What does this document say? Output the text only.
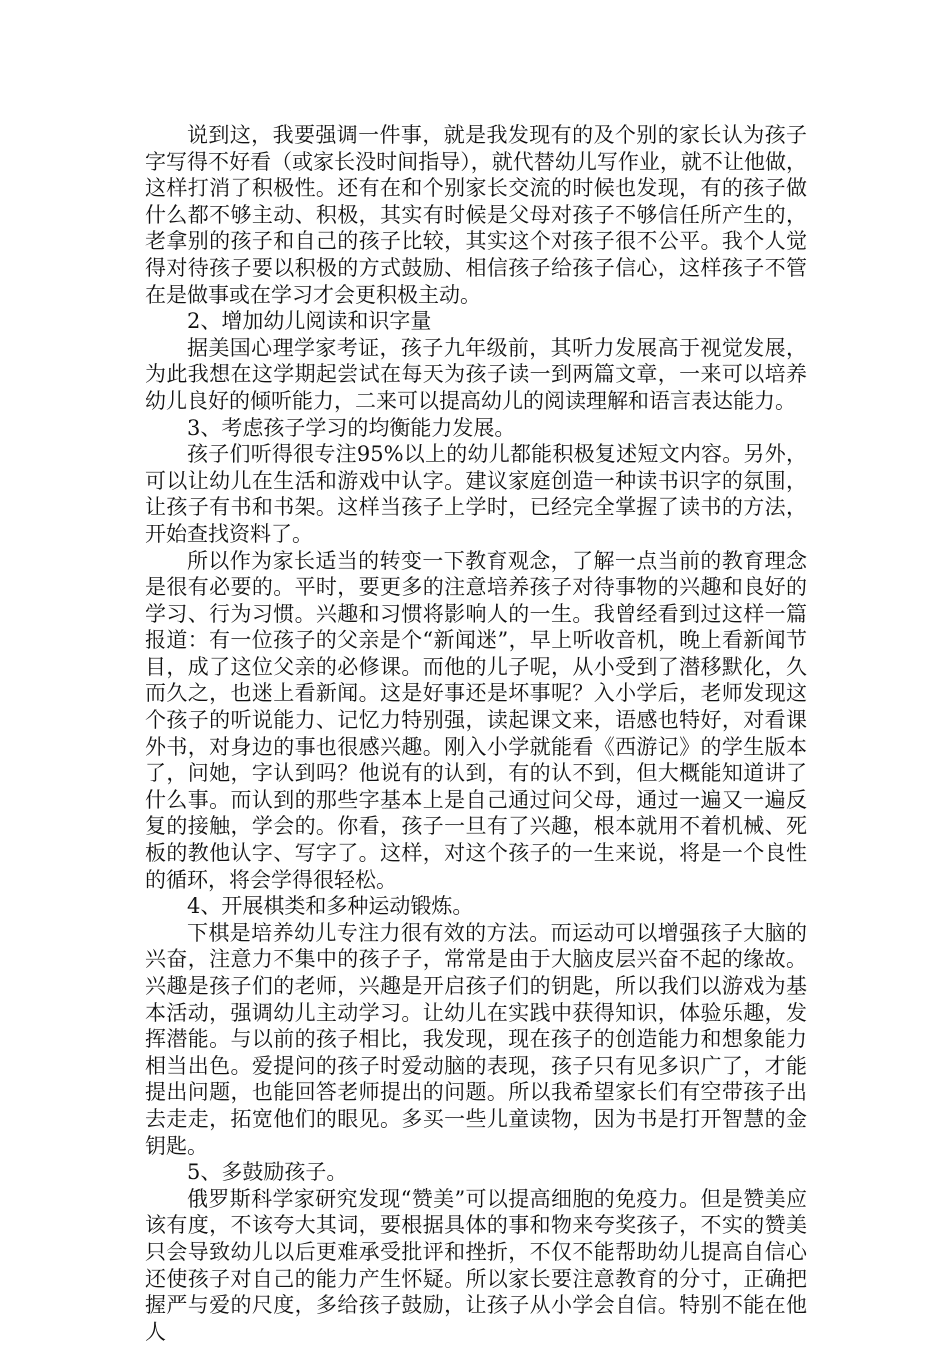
说到这，我要强调一件事，就是我发现有的及个别的家长认为孩子字写得不好看（或家长没时间指导），就代替幼儿写作业，就不让他做，这样打消了积极性。还有在和个别家长交流的时候也发现，有的孩子做什么都不够主动、积极，其实有时候是父母对孩子不够信任所产生的，老拿别的孩子和自己的孩子比较，其实这个对孩子很不公平。我个人觉得对待孩子要以积极的方式鼓励、相信孩子给孩子信心，这样孩子不管在是做事或在学习才会更积极主动。

2、增加幼儿阅读和识字量

据美国心理学家考证，孩子九年级前，其听力发展高于视觉发展，为此我想在这学期起尝试在每天为孩子读一到两篇文章，一来可以培养幼儿良好的倾听能力，二来可以提高幼儿的阅读理解和语言表达能力。

3、考虑孩子学习的均衡能力发展。

孩子们听得很专注95%以上的幼儿都能积极复述短文内容。另外，可以让幼儿在生活和游戏中认字。建议家庭创造一种读书识字的氛围，让孩子有书和书架。这样当孩子上学时，已经完全掌握了读书的方法，开始查找资料了。

所以作为家长适当的转变一下教育观念，了解一点当前的教育理念是很有必要的。平时，要更多的注意培养孩子对待事物的兴趣和良好的学习、行为习惯。兴趣和习惯将影响人的一生。我曾经看到过这样一篇报道：有一位孩子的父亲是个“新闻迷”，早上听收音机，晚上看新闻节目，成了这位父亲的必修课。而他的儿子呢，从小受到了潜移默化，久而久之，也迷上看新闻。这是好事还是坏事呢？入小学后，老师发现这个孩子的听说能力、记忆力特别强，读起课文来，语感也特好，对看课外书，对身边的事也很感兴趣。刚入小学就能看《西游记》的学生版本了，问她，字认到吗？他说有的认到，有的认不到，但大概能知道讲了什么事。而认到的那些字基本上是自己通过问父母，通过一遍又一遍反复的接触，学会的。你看，孩子一旦有了兴趣，根本就用不着机械、死板的教他认字、写字了。这样，对这个孩子的一生来说，将是一个良性的循环，将会学得很轻松。

4、开展棋类和多种运动锻炼。

下棋是培养幼儿专注力很有效的方法。而运动可以增强孩子大脑的兴奋，注意力不集中的孩子子，常常是由于大脑皮层兴奋不起的缘故。兴趣是孩子们的老师，兴趣是开启孩子们的钥匙，所以我们以游戏为基本活动，强调幼儿主动学习。让幼儿在实践中获得知识，体验乐趣，发挥潜能。与以前的孩子相比，我发现，现在孩子的创造能力和想象能力相当出色。爱提问的孩子时爱动脑的表现，孩子只有见多识广了，才能提出问题，也能回答老师提出的问题。所以我希望家长们有空带孩子出去走走，拓宽他们的眼见。多买一些儿童读物，因为书是打开智慧的金钥匙。

5、多鼓励孩子。

俄罗斯科学家研究发现“赞美”可以提高细胞的免疫力。但是赞美应该有度，不该夸大其词，要根据具体的事和物来夸奖孩子，不实的赞美只会导致幼儿以后更难承受批评和挫折，不仅不能帮助幼儿提高自信心还使孩子对自己的能力产生怀疑。所以家长要注意教育的分寸，正确把握严与爱的尺度，多给孩子鼓励，让孩子从小学会自信。特别不能在他人
